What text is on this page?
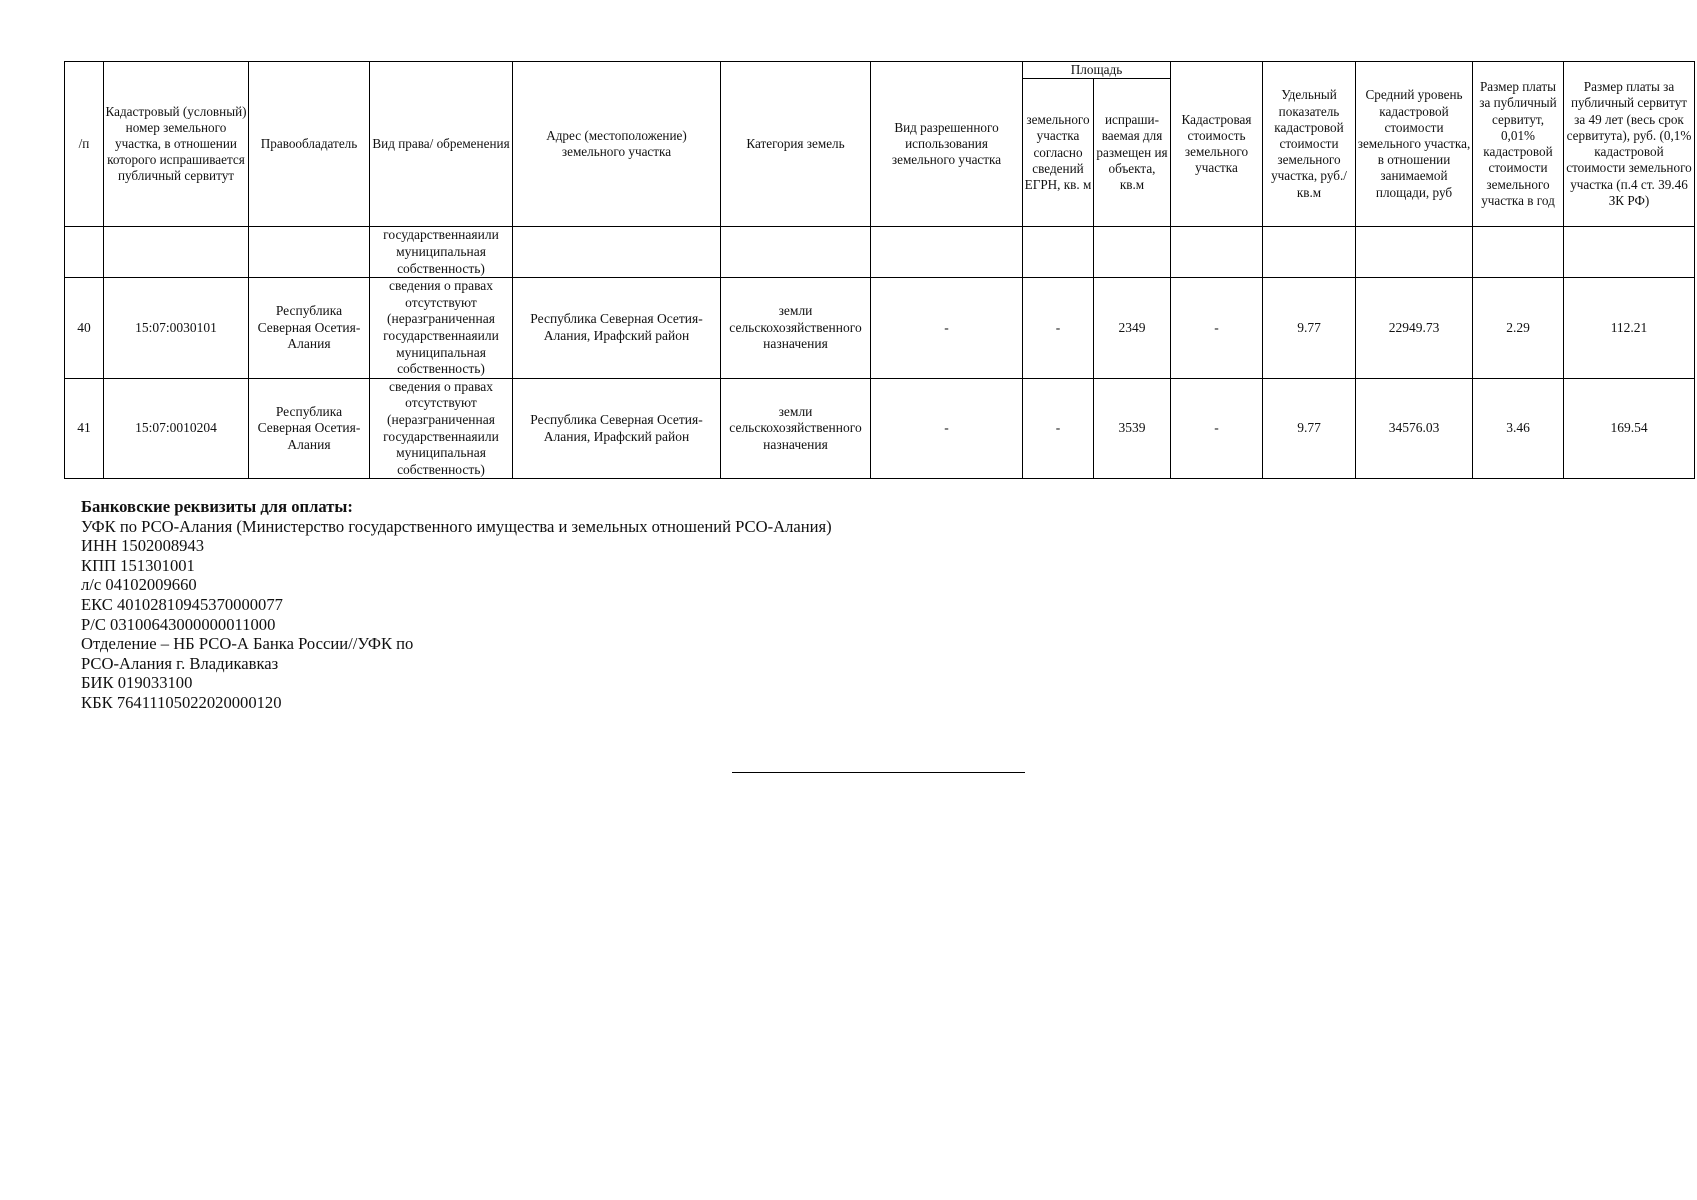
/п	Кадастровый (условный) номер земельного участка, в отношении которого испрашивается публичный сервитут	Правообладатель	Вид права/ обременения	Адрес (местоположение) земельного участка	Категория земель	Вид разрешенного использования земельного участка	Площадь		Кадастровая стоимость земельного участка	Удельный показатель кадастровой стоимости земельного участка, руб./кв.м	Средний уровень кадастровой стоимости земельного участка, в отношении занимаемой площади, руб	Размер платы за публичный сервитут, 0,01% кадастровой стоимости земельного участка в год	Размер платы за публичный сервитут за 49 лет (весь срок сервитута), руб. (0,1% кадастровой стоимости земельного участка (п.4 ст. 39.46 ЗК РФ)
							земельного участка согласно сведений ЕГРН, кв. м	испраши-ваемая для размещен ия объекта, кв.м					
			государственнаяили муниципальная собственность)										
40	15:07:0030101	Республика Северная Осетия-Алания	сведения о правах отсутствуют (неразграниченная государственнаяили муниципальная собственность)	Республика Северная Осетия-Алания, Ирафский район	земли сельскохозяйственного назначения	-	-	2349	-	9.77	22949.73	2.29	112.21
41	15:07:0010204	Республика Северная Осетия-Алания	сведения о правах отсутствуют (неразграниченная государственнаяили муниципальная собственность)	Республика Северная Осетия-Алания, Ирафский район	земли сельскохозяйственного назначения	-	-	3539	-	9.77	34576.03	3.46	169.54
Банковские реквизиты для оплаты:
УФК по РСО-Алания (Министерство государственного имущества и земельных отношений РСО-Алания)
ИНН 1502008943
КПП 151301001
л/с 04102009660
ЕКС 40102810945370000077
Р/С 03100643000000011000
Отделение – НБ РСО-А Банка России//УФК по
РСО-Алания г. Владикавказ
БИК 019033100
КБК 76411105022020000120
